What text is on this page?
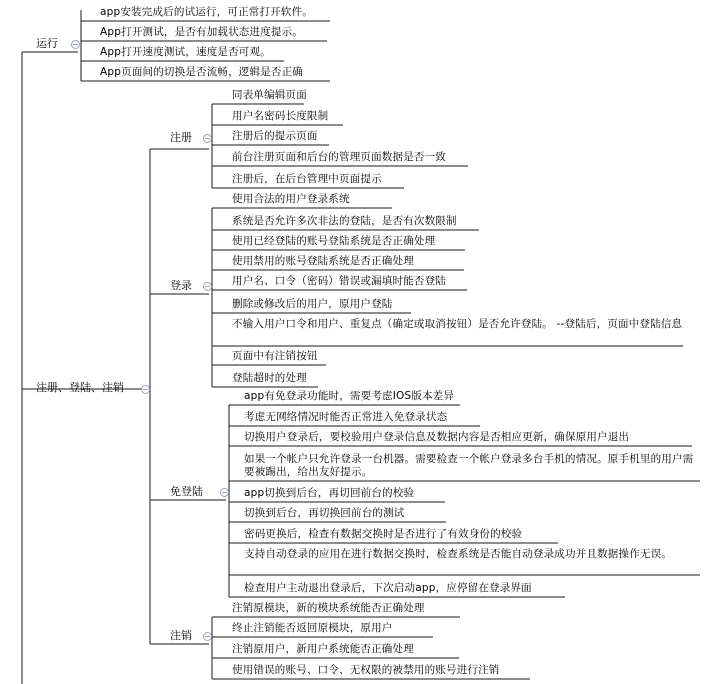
注册、登陆、注销
运行
app安装完成后的试运行，可正常打开软件。
App打开测试，是否有加载状态进度提示。
App打开速度测试，速度是否可观。
App页面间的切换是否流畅，逻辑是否正确
注册
同表单编辑页面
用户名密码长度限制
注册后的提示页面
前台注册页面和后台的管理页面数据是否一致
注册后，在后台管理中页面提示
登录
使用合法的用户登录系统
系统是否允许多次非法的登陆，是否有次数限制
使用已经登陆的账号登陆系统是否正确处理
使用禁用的账号登陆系统是否正确处理
用户名、口令（密码）错误或漏填时能否登陆
删除或修改后的用户，原用户登陆
不输入用户口令和用户、重复点（确定或取消按钮）是否允许登陆。 --登陆后，页面中登陆信息
页面中有注销按钮
登陆超时的处理
免登陆
app有免登录功能时，需要考虑IOS版本差异
考虑无网络情况时能否正常进入免登录状态
切换用户登录后，要校验用户登录信息及数据内容是否相应更新，确保原用户退出
如果一个帐户只允许登录一台机器。需要检查一个帐户登录多台手机的情况。原手机里的用户需要被踢出，给出友好提示。
app切换到后台，再切回前台的校验
切换到后台，再切换回前台的测试
密码更换后，检查有数据交换时是否进行了有效身份的校验
支持自动登录的应用在进行数据交换时，检查系统是否能自动登录成功并且数据操作无误。
检查用户主动退出登录后，下次启动app，应停留在登录界面
注销
注销原模块，新的模块系统能否正确处理
终止注销能否返回原模块，原用户
注销原用户，新用户系统能否正确处理
使用错误的账号、口令、无权限的被禁用的账号进行注销
